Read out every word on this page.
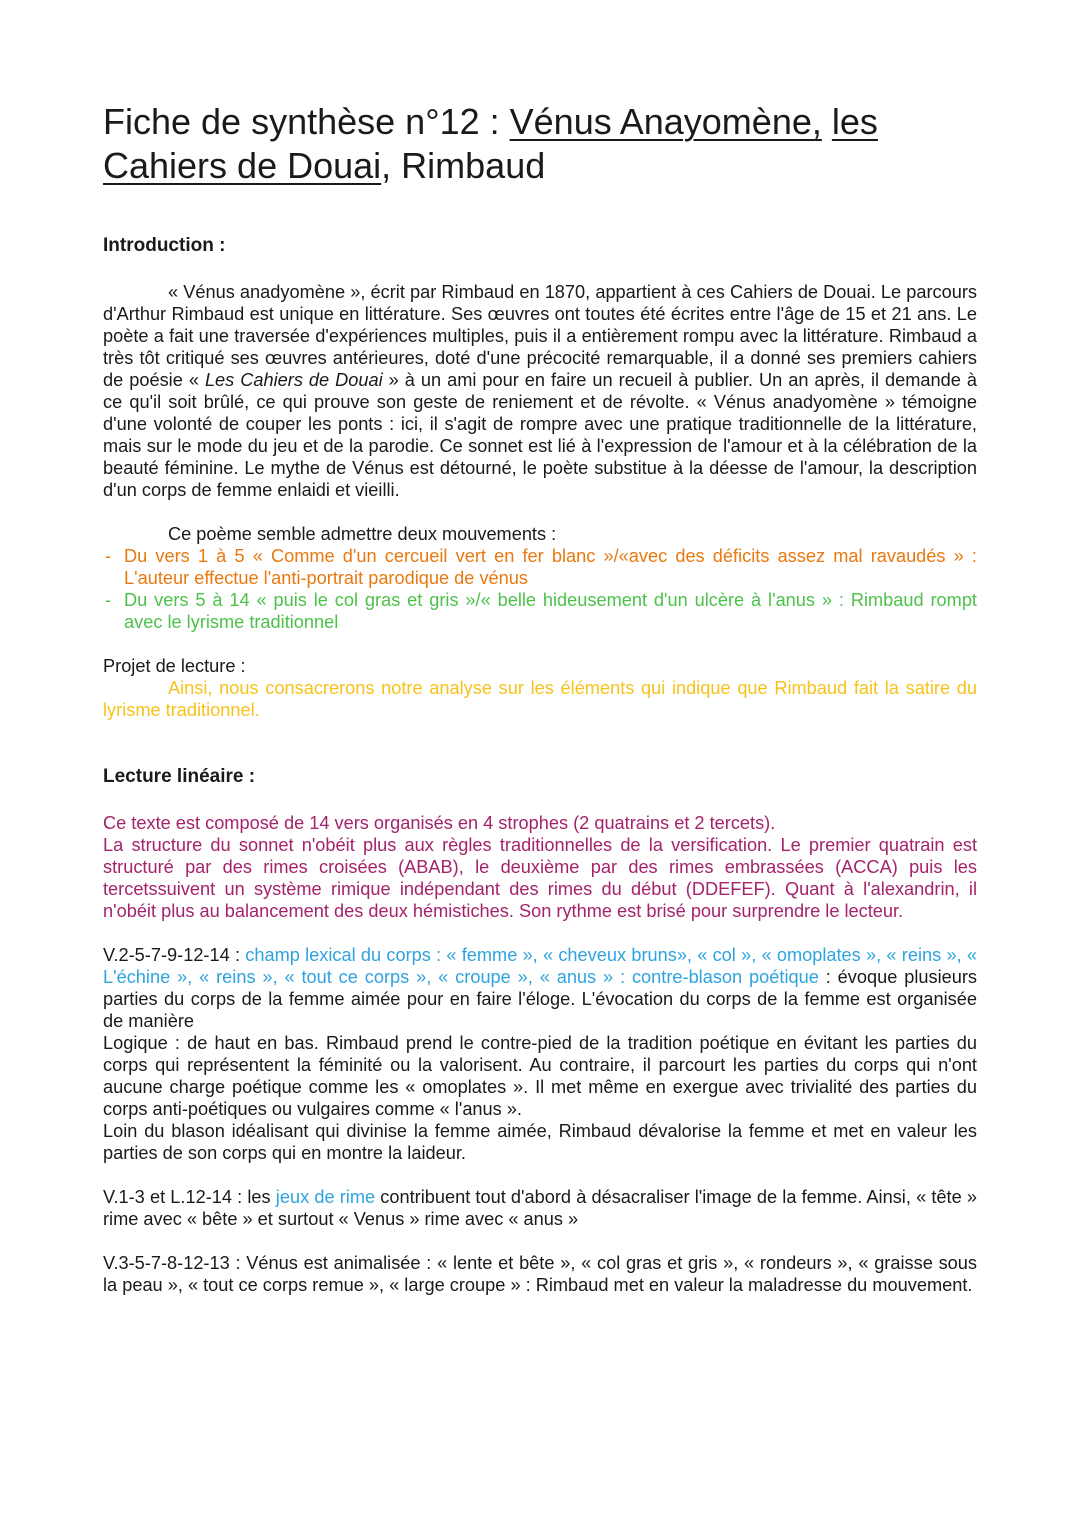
Fiche de synthèse n°12 : Vénus Anayomène, les
Cahiers de Douai, Rimbaud
Introduction :

« Vénus anadyomène », écrit par Rimbaud en 1870, appartient à ces Cahiers de Douai. Le parcours d'Arthur Rimbaud est unique en littérature. Ses œuvres ont toutes été écrites entre l'âge de 15 et 21 ans. Le poète a fait une traversée d'expériences multiples, puis il a entièrement rompu avec la littérature. Rimbaud a très tôt critiqué ses œuvres antérieures, doté d'une précocité remarquable, il a donné ses premiers cahiers de poésie « Les Cahiers de Douai » à un ami pour en faire un recueil à publier. Un an après, il demande à ce qu'il soit brûlé, ce qui prouve son geste de reniement et de révolte. « Vénus anadyomène » témoigne d'une volonté de couper les ponts : ici, il s'agit de rompre avec une pratique traditionnelle de la littérature, mais sur le mode du jeu et de la parodie. Ce sonnet est lié à l'expression de l'amour et à la célébration de la beauté féminine. Le mythe de Vénus est détourné, le poète substitue à la déesse de l'amour, la description d'un corps de femme enlaidi et vieilli.

Ce poème semble admettre deux mouvements :

- Du vers 1 à 5 « Comme d'un cercueil vert en fer blanc »/«avec des déficits assez mal ravaudés » : L'auteur effectue l'anti-portrait parodique de vénus
- Du vers 5 à 14 « puis le col gras et gris »/« belle hideusement d'un ulcère à l'anus » : Rimbaud rompt avec le lyrisme traditionnel

Projet de lecture :

Ainsi, nous consacrerons notre analyse sur les éléments qui indique que Rimbaud fait la satire du lyrisme traditionnel.

Lecture linéaire :

Ce texte est composé de 14 vers organisés en 4 strophes (2 quatrains et 2 tercets).

La structure du sonnet n'obéit plus aux règles traditionnelles de la versification. Le premier quatrain est structuré par des rimes croisées (ABAB), le deuxième par des rimes embrassées (ACCA) puis les tercetssuivent un système rimique indépendant des rimes du début (DDEFEF). Quant à l'alexandrin, il n'obéit plus au balancement des deux hémistiches. Son rythme est brisé pour surprendre le lecteur.

V.2-5-7-9-12-14 : champ lexical du corps : « femme », « cheveux bruns», « col », « omoplates », « reins », « L'échine », « reins », « tout ce corps », « croupe », « anus » : contre-blason poétique : évoque plusieurs parties du corps de la femme aimée pour en faire l'éloge. L'évocation du corps de la femme est organisée de manière

Logique : de haut en bas. Rimbaud prend le contre-pied de la tradition poétique en évitant les parties du corps qui représentent la féminité ou la valorisent. Au contraire, il parcourt les parties du corps qui n'ont aucune charge poétique comme les « omoplates ». Il met même en exergue avec trivialité des parties du corps anti-poétiques ou vulgaires comme « l'anus ».

Loin du blason idéalisant qui divinise la femme aimée, Rimbaud dévalorise la femme et met en valeur les parties de son corps qui en montre la laideur.

V.1-3 et L.12-14 : les jeux de rime contribuent tout d'abord à désacraliser l'image de la femme. Ainsi, « tête » rime avec « bête » et surtout « Venus » rime avec « anus »

V.3-5-7-8-12-13 : Vénus est animalisée : « lente et bête », « col gras et gris », « rondeurs », « graisse sous la peau », « tout ce corps remue », « large croupe » : Rimbaud met en valeur la maladresse du mouvement.
